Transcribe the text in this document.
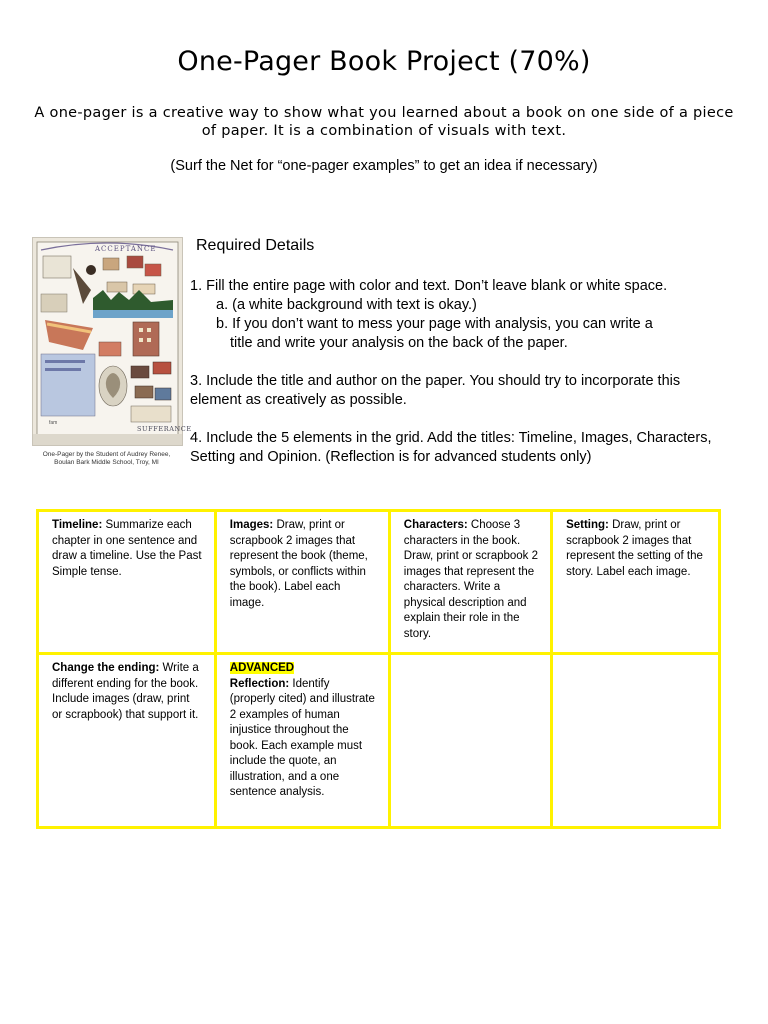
One-Pager Book Project (70%)
A one-pager is a creative way to show what you learned about a book on one side of a piece of paper. It is a combination of visuals with text.
(Surf the Net for “one-pager examples” to get an idea if necessary)
ACCEPTANCE
SUFFERANCE
fam
One-Pager by the Student of Audrey Renee,
Boulan Bark Middle School, Troy, MI
Required Details

1. Fill the entire page with color and text. Don’t leave blank or white space.

a. (a white background with text is okay.)

b. If you don’t want to mess your page with analysis, you can write a

title and write your analysis on the back of the paper.

3. Include the title and author on the paper. You should try to incorporate this element as creatively as possible.

4. Include the 5 elements in the grid. Add the titles: Timeline, Images, Characters, Setting and Opinion. (Reflection is for advanced students only)

Timeline: Summarize each chapter in one sentence and draw a timeline. Use the Past Simple tense.	Images: Draw, print or scrapbook 2 images that represent the book (theme, symbols, or conflicts within the book). Label each image.	Characters: Choose 3 characters in the book. Draw, print or scrapbook 2 images that represent the characters. Write a physical description and explain their role in the story.	Setting: Draw, print or scrapbook 2 images that represent the setting of the story. Label each image.
Change the ending: Write a different ending for the book. Include images (draw, print or scrapbook) that support it.	ADVANCED
Reflection: Identify (properly cited) and illustrate 2 examples of human injustice throughout the book. Each example must include the quote, an illustration, and a one
sentence analysis.		
